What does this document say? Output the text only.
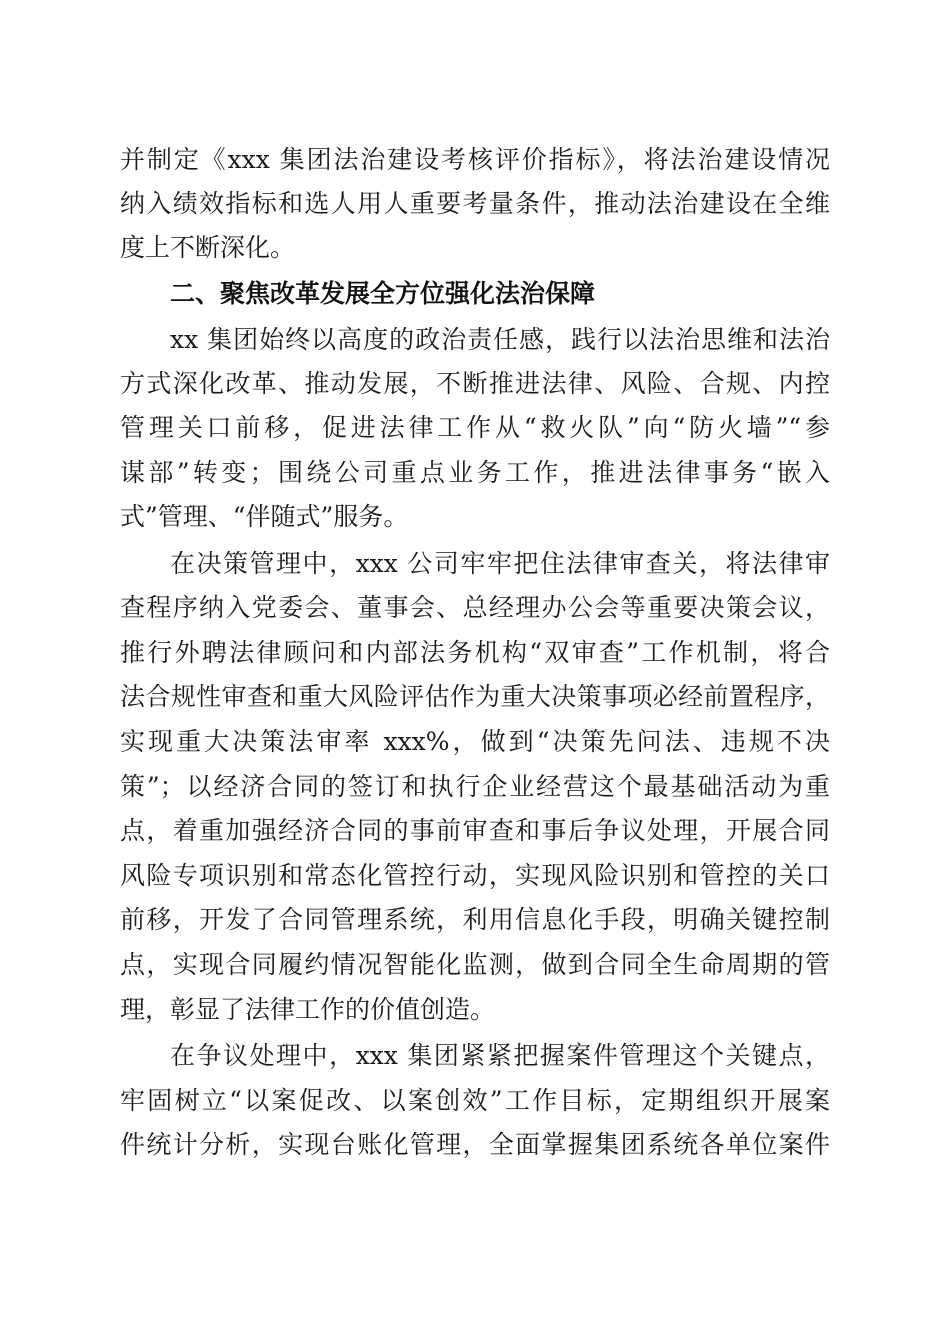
并制定《xxx 集团法治建设考核评价指标》，将法治建设情况
纳入绩效指标和选人用人重要考量条件，推动法治建设在全维
度上不断深化。
二、聚焦改革发展全方位强化法治保障
xx 集团始终以高度的政治责任感，践行以法治思维和法治
方式深化改革、推动发展，不断推进法律、风险、合规、内控
管理关口前移，促进法律工作从“救火队”向“防火墙”“参
谋部”转变；围绕公司重点业务工作，推进法律事务“嵌入
式”管理、“伴随式”服务。
在决策管理中，xxx 公司牢牢把住法律审查关，将法律审
查程序纳入党委会、董事会、总经理办公会等重要决策会议，
推行外聘法律顾问和内部法务机构“双审查”工作机制，将合
法合规性审查和重大风险评估作为重大决策事项必经前置程序，
实现重大决策法审率 xxx%，做到“决策先问法、违规不决
策”；以经济合同的签订和执行企业经营这个最基础活动为重
点，着重加强经济合同的事前审查和事后争议处理，开展合同
风险专项识别和常态化管控行动，实现风险识别和管控的关口
前移，开发了合同管理系统，利用信息化手段，明确关键控制
点，实现合同履约情况智能化监测，做到合同全生命周期的管
理，彰显了法律工作的价值创造。
在争议处理中，xxx 集团紧紧把握案件管理这个关键点，
牢固树立“以案促改、以案创效”工作目标，定期组织开展案
件统计分析，实现台账化管理，全面掌握集团系统各单位案件
